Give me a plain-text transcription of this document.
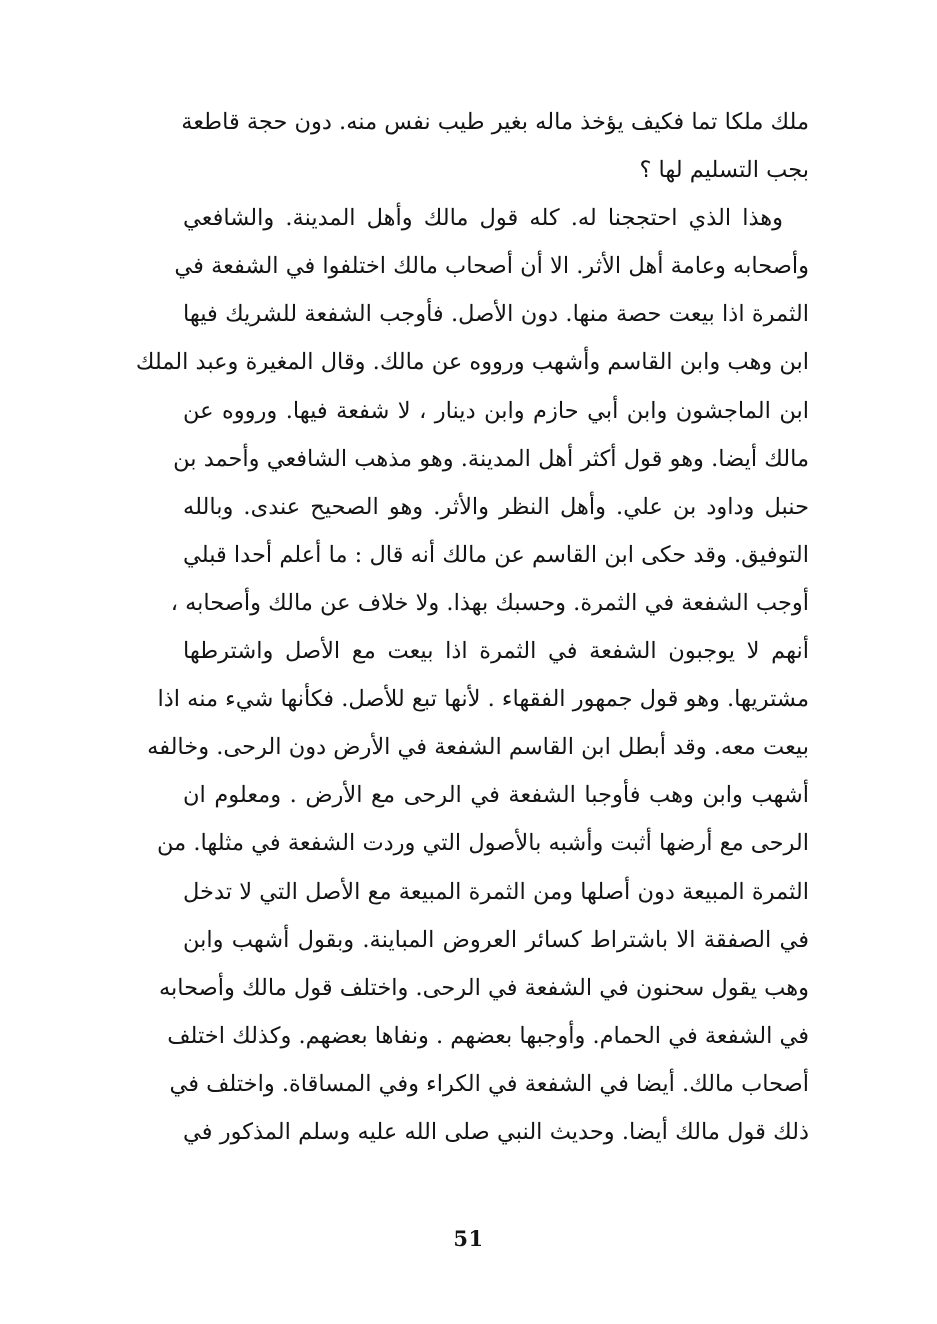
ملك ملكا تما فكيف يؤخذ ماله بغير طيب نفس منه. دون حجة قاطعة
بجب التسليم لها ؟
وهذا الذي احتججنا له. كله قول مالك وأهل المدينة. والشافعي
وأصحابه وعامة أهل الأثر. الا أن أصحاب مالك اختلفوا في الشفعة في
الثمرة اذا بيعت حصة منها. دون الأصل. فأوجب الشفعة للشريك فيها
ابن وهب وابن القاسم وأشهب ورووه عن مالك. وقال المغيرة وعبد الملك
ابن الماجشون وابن أبي حازم وابن دينار ، لا شفعة فيها. ورووه عن
مالك أيضا. وهو قول أكثر أهل المدينة. وهو مذهب الشافعي وأحمد بن
حنبل وداود بن علي. وأهل النظر والأثر. وهو الصحيح عندى. وبالله
التوفيق. وقد حكى ابن القاسم عن مالك أنه قال : ما أعلم أحدا قبلي
أوجب الشفعة في الثمرة. وحسبك بهذا. ولا خلاف عن مالك وأصحابه ،
أنهم لا يوجبون الشفعة في الثمرة اذا بيعت مع الأصل واشترطها
مشتريها. وهو قول جمهور الفقهاء . لأنها تبع للأصل. فكأنها شيء منه اذا
بيعت معه. وقد أبطل ابن القاسم الشفعة في الأرض دون الرحى. وخالفه
أشهب وابن وهب فأوجبا الشفعة في الرحى مع الأرض . ومعلوم ان
الرحى مع أرضها أثبت وأشبه بالأصول التي وردت الشفعة في مثلها. من
الثمرة المبيعة دون أصلها ومن الثمرة المبيعة مع الأصل التي لا تدخل
في الصفقة الا باشتراط كسائر العروض المباينة. وبقول أشهب وابن
وهب يقول سحنون في الشفعة في الرحى. واختلف قول مالك وأصحابه
في الشفعة في الحمام. وأوجبها بعضهم . ونفاها بعضهم. وكذلك اختلف
أصحاب مالك. أيضا في الشفعة في الكراء وفي المساقاة. واختلف في
ذلك قول مالك أيضا. وحديث النبي صلى الله عليه وسلم المذكور في
51
